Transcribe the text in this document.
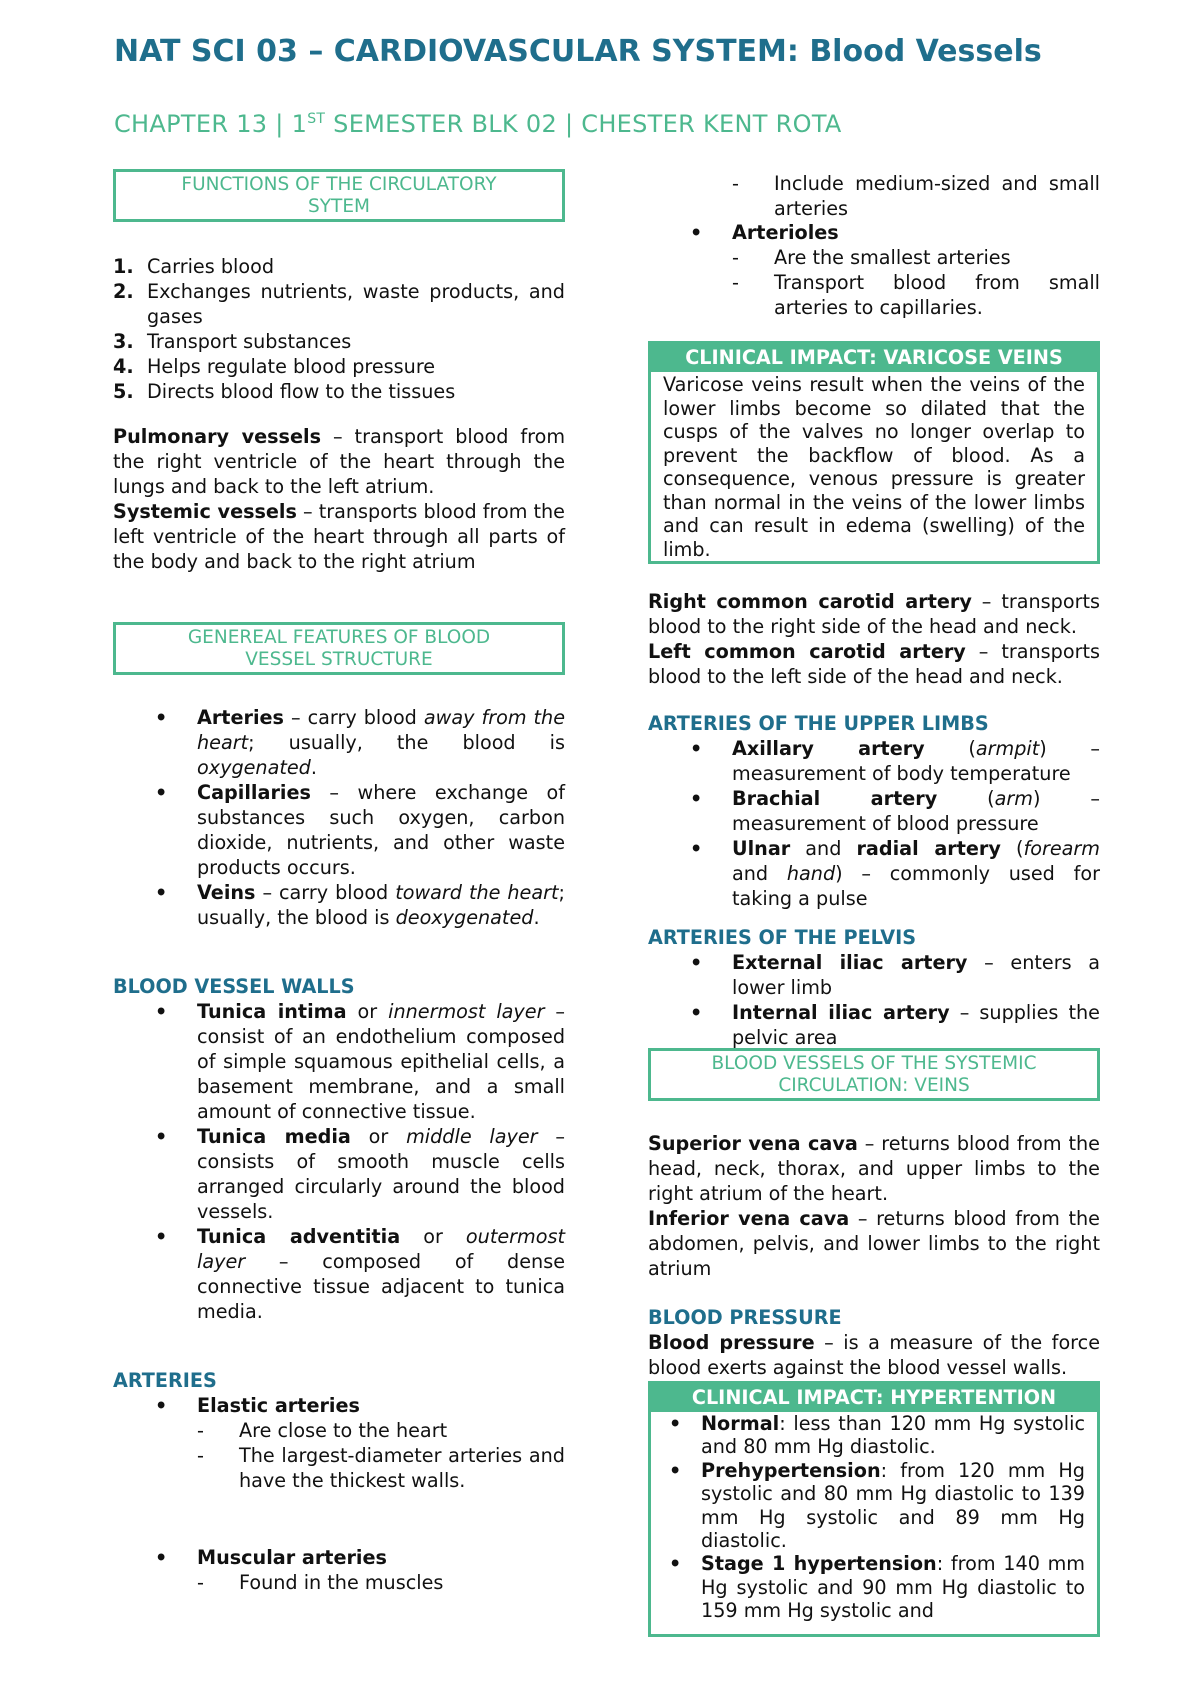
NAT SCI 03 – CARDIOVASCULAR SYSTEM: Blood Vessels
CHAPTER 13 | 1ST SEMESTER BLK 02 | CHESTER KENT ROTA
FUNCTIONS OF THE CIRCULATORY
SYTEM
1. Carries blood
2. Exchanges nutrients, waste products, and gases
3. Transport substances
4. Helps regulate blood pressure
5. Directs blood flow to the tissues

Pulmonary vessels – transport blood from the right ventricle of the heart through the lungs and back to the left atrium.

Systemic vessels – transports blood from the left ventricle of the heart through all parts of the body and back to the right atrium

GENEREAL FEATURES OF BLOOD
VESSEL STRUCTURE
• Arteries – carry blood away from the heart; usually, the blood is oxygenated.
• Capillaries – where exchange of substances such oxygen, carbon dioxide, nutrients, and other waste products occurs.
• Veins – carry blood toward the heart; usually, the blood is deoxygenated.

BLOOD VESSEL WALLS

• Tunica intima or innermost layer – consist of an endothelium composed of simple squamous epithelial cells, a basement membrane, and a small amount of connective tissue.
• Tunica media or middle layer – consists of smooth muscle cells arranged circularly around the blood vessels.
• Tunica adventitia or outermost layer – composed of dense connective tissue adjacent to tunica media.

ARTERIES

• Elastic arteries
- Are close to the heart
- The largest-diameter arteries and have the thickest walls.
• Muscular arteries
- Found in the muscles
- Include medium-sized and small arteries
• Arterioles
- Are the smallest arteries
- Transport blood from small arteries to capillaries.
CLINICAL IMPACT: VARICOSE VEINS
Varicose veins result when the veins of the lower limbs become so dilated that the cusps of the valves no longer overlap to prevent the backflow of blood. As a consequence, venous pressure is greater than normal in the veins of the lower limbs and can result in edema (swelling) of the limb.

Right common carotid artery – transports blood to the right side of the head and neck.

Left common carotid artery – transports blood to the left side of the head and neck.

ARTERIES OF THE UPPER LIMBS

• Axillary artery (armpit) – measurement of body temperature
• Brachial artery (arm) – measurement of blood pressure
• Ulnar and radial artery (forearm and hand) – commonly used for taking a pulse

ARTERIES OF THE PELVIS

• External iliac artery – enters a lower limb
• Internal iliac artery – supplies the pelvic area
BLOOD VESSELS OF THE SYSTEMIC
CIRCULATION: VEINS

Superior vena cava – returns blood from the head, neck, thorax, and upper limbs to the right atrium of the heart.

Inferior vena cava – returns blood from the abdomen, pelvis, and lower limbs to the right atrium

BLOOD PRESSURE

Blood pressure – is a measure of the force blood exerts against the blood vessel walls.

CLINICAL IMPACT: HYPERTENTION
• Normal: less than 120 mm Hg systolic and 80 mm Hg diastolic.
• Prehypertension: from 120 mm Hg systolic and 80 mm Hg diastolic to 139 mm Hg systolic and 89 mm Hg diastolic.
• Stage 1 hypertension: from 140 mm Hg systolic and 90 mm Hg diastolic to 159 mm Hg systolic and
